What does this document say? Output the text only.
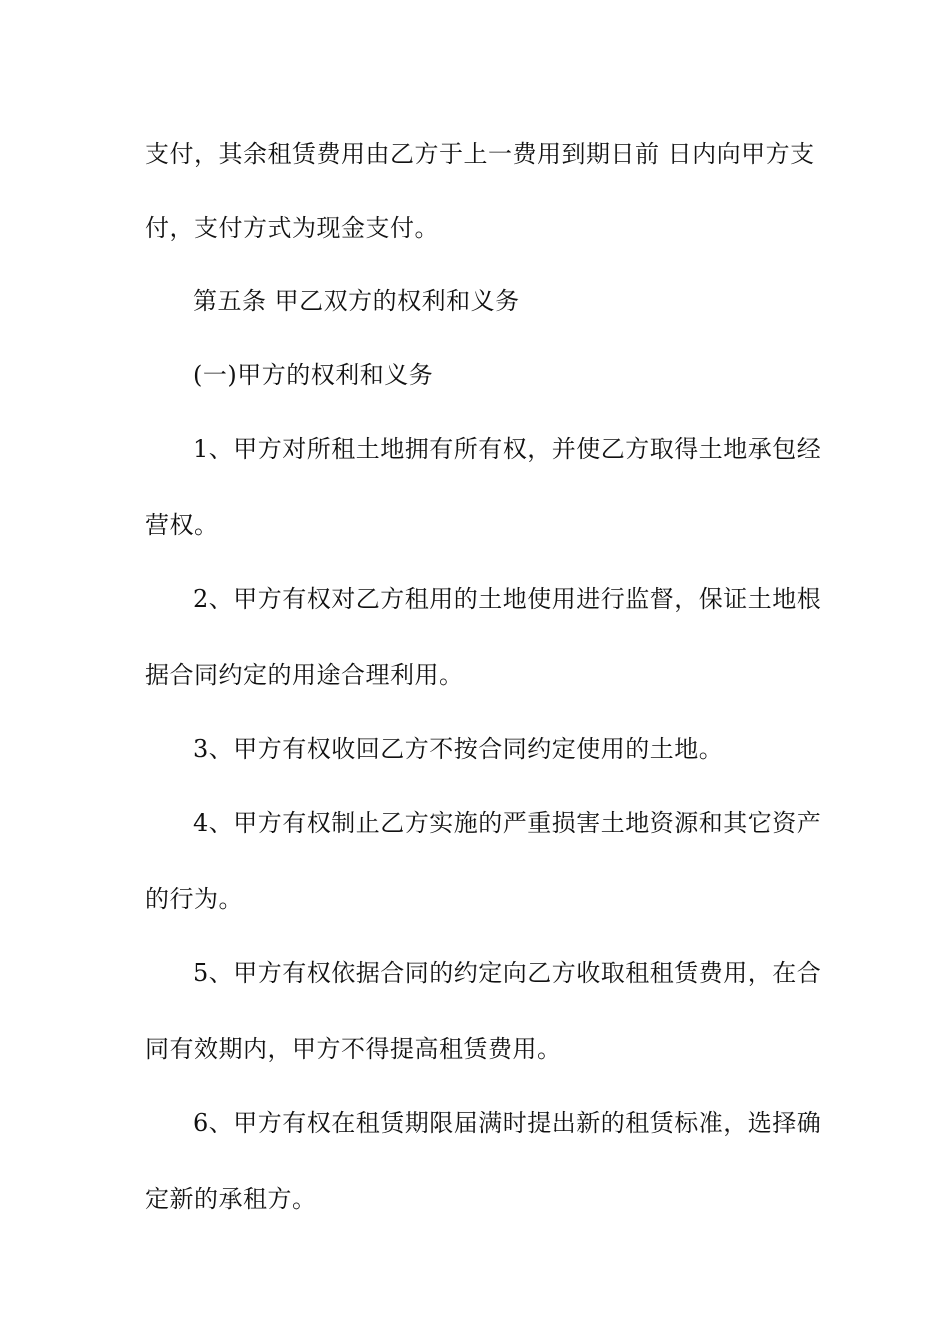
支付，其余租赁费用由乙方于上一费用到期日前 日内向甲方支
付，支付方式为现金支付。
第五条 甲乙双方的权利和义务
(一)甲方的权利和义务
1、甲方对所租土地拥有所有权，并使乙方取得土地承包经
营权。
2、甲方有权对乙方租用的土地使用进行监督，保证土地根
据合同约定的用途合理利用。
3、甲方有权收回乙方不按合同约定使用的土地。
4、甲方有权制止乙方实施的严重损害土地资源和其它资产
的行为。
5、甲方有权依据合同的约定向乙方收取租租赁费用，在合
同有效期内，甲方不得提高租赁费用。
6、甲方有权在租赁期限届满时提出新的租赁标准，选择确
定新的承租方。
